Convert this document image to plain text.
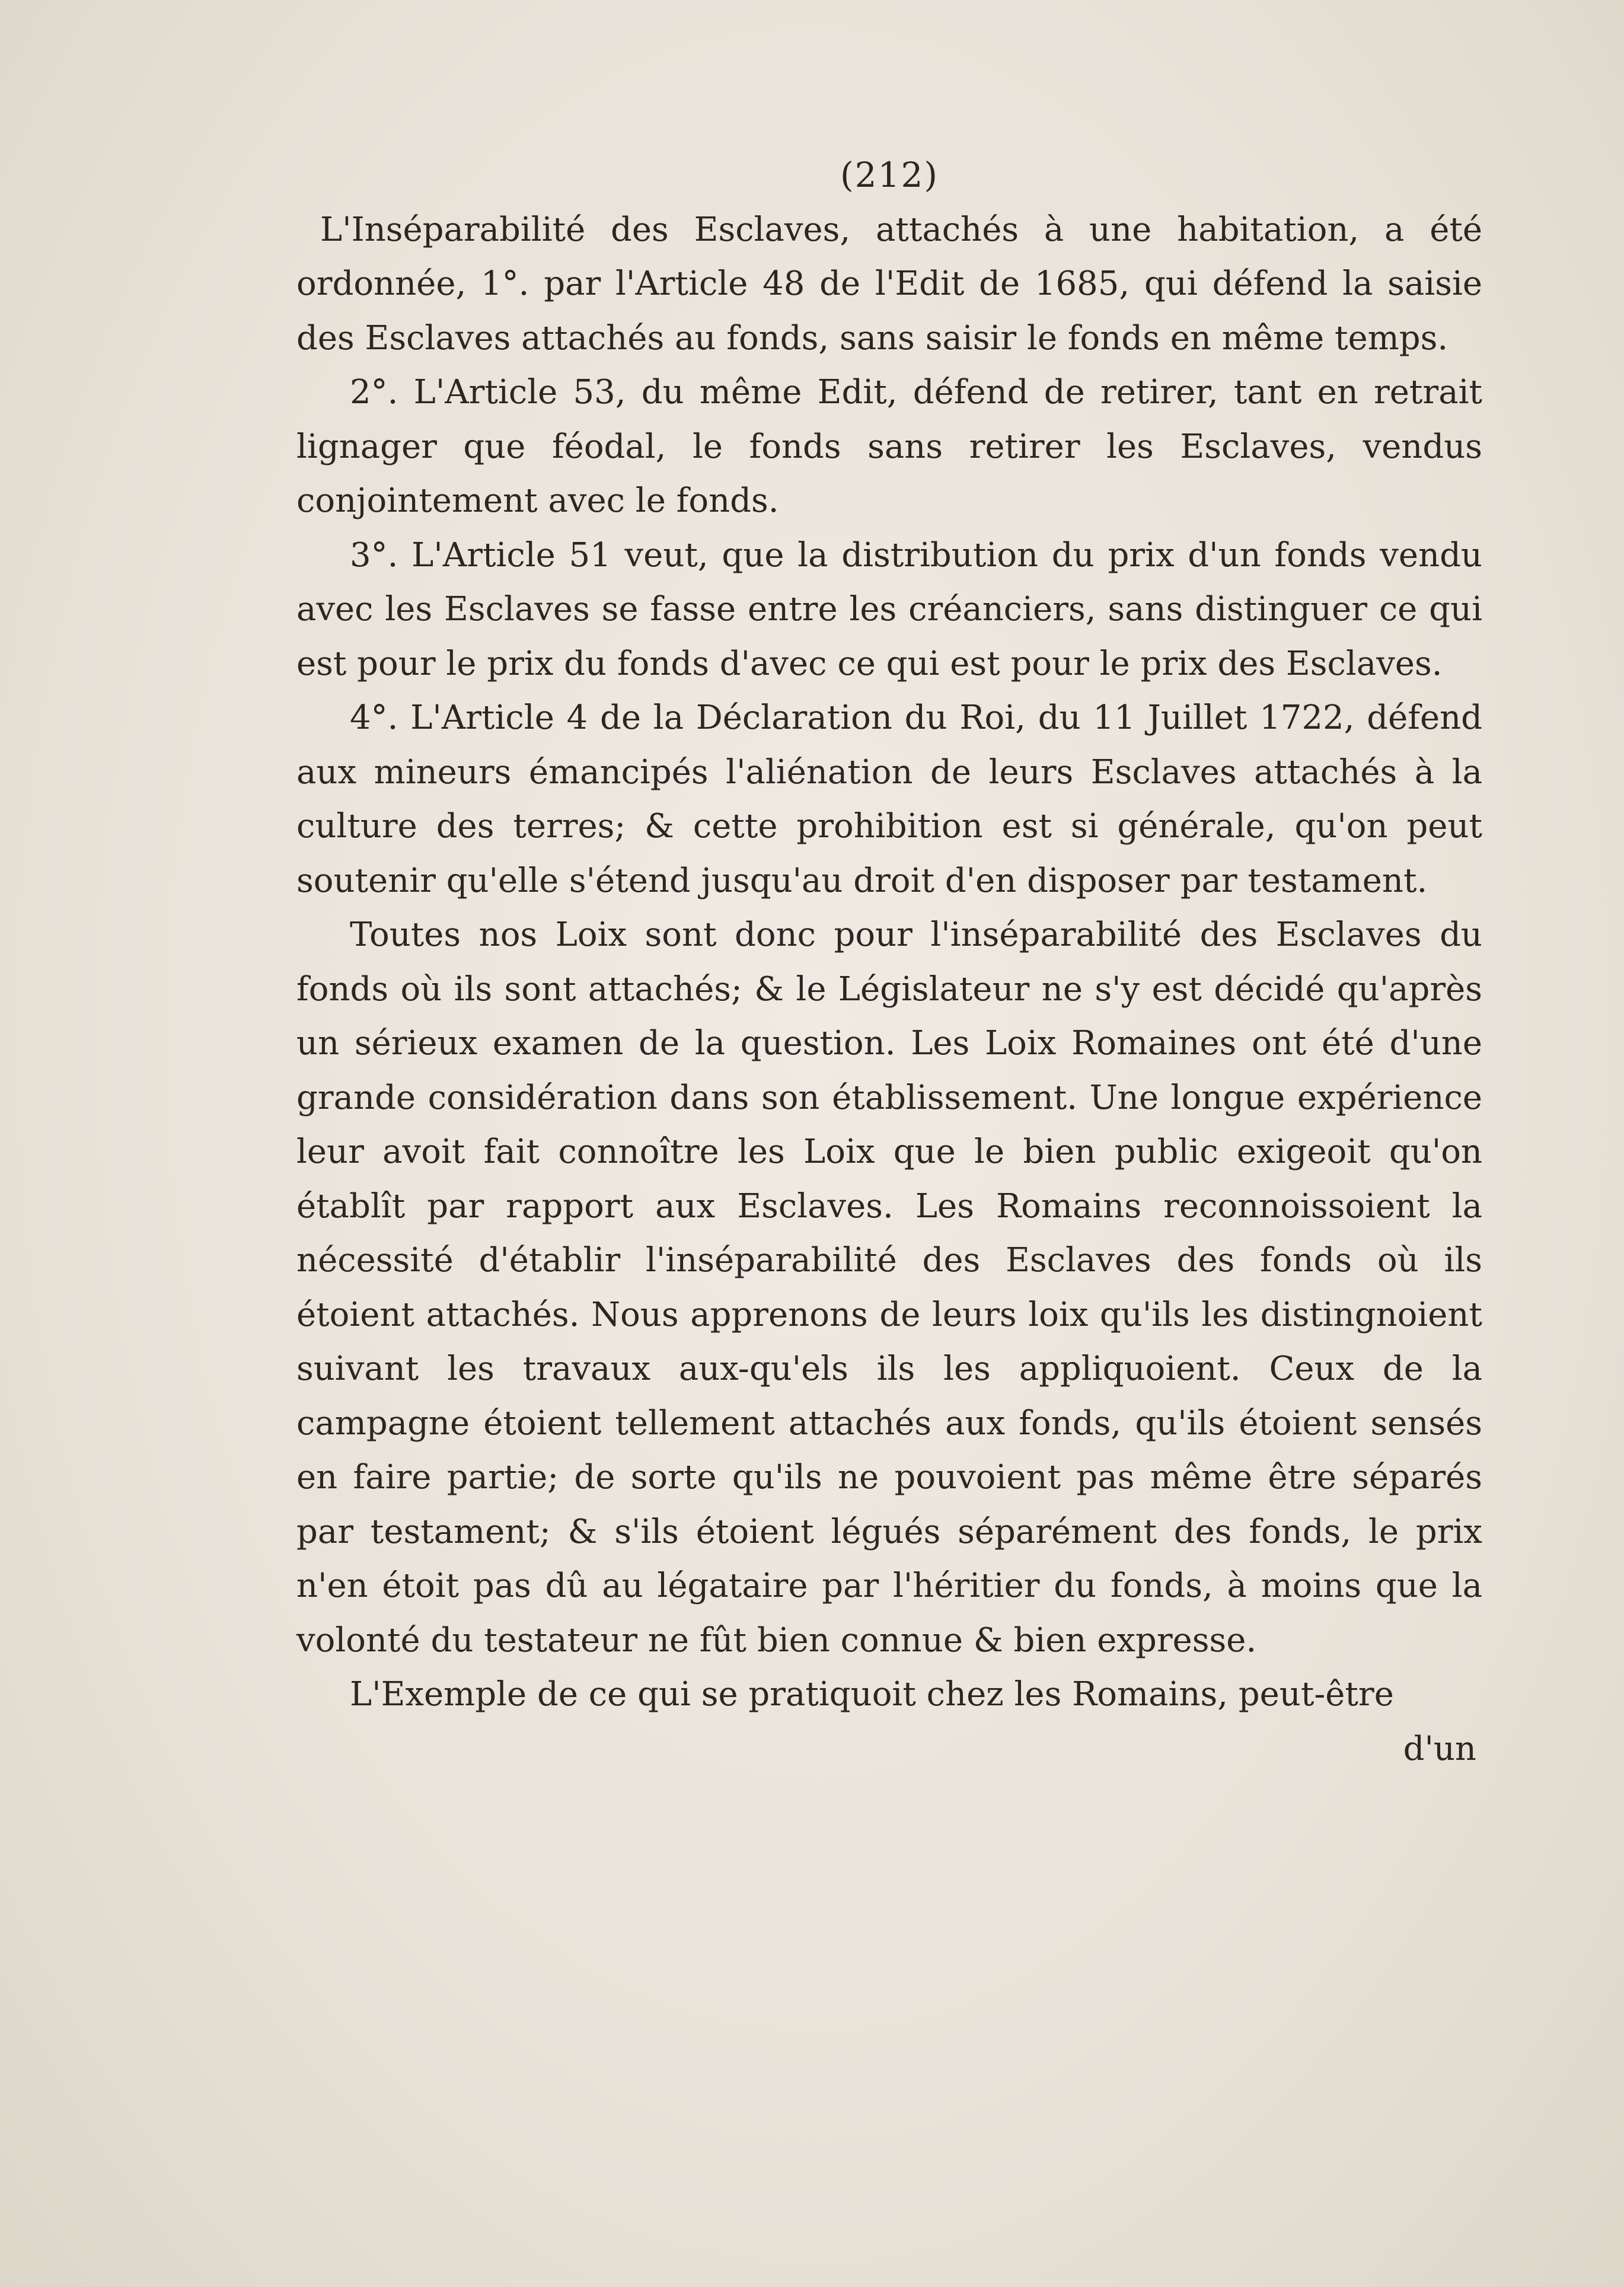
(212)

L'Inséparabilité des Esclaves, attachés à une habitation, a été ordonnée, 1°. par l'Article 48 de l'Edit de 1685, qui défend la saisie des Esclaves attachés au fonds, sans saisir le fonds en même temps.

2°. L'Article 53, du même Edit, défend de retirer, tant en retrait lignager que féodal, le fonds sans retirer les Esclaves, vendus conjointement avec le fonds.

3°. L'Article 51 veut, que la distribution du prix d'un fonds vendu avec les Esclaves se fasse entre les créanciers, sans distinguer ce qui est pour le prix du fonds d'avec ce qui est pour le prix des Esclaves.

4°. L'Article 4 de la Déclaration du Roi, du 11 Juillet 1722, défend aux mineurs émancipés l'aliénation de leurs Esclaves attachés à la culture des terres; & cette prohibition est si générale, qu'on peut soutenir qu'elle s'étend jusqu'au droit d'en disposer par testament.

Toutes nos Loix sont donc pour l'inséparabilité des Esclaves du fonds où ils sont attachés; & le Législateur ne s'y est décidé qu'après un sérieux examen de la question. Les Loix Romaines ont été d'une grande considération dans son établissement. Une longue expérience leur avoit fait connoître les Loix que le bien public exigeoit qu'on établît par rapport aux Esclaves. Les Romains reconnoissoient la nécessité d'établir l'inséparabilité des Esclaves des fonds où ils étoient attachés. Nous apprenons de leurs loix qu'ils les distingnoient suivant les travaux aux-qu'els ils les appliquoient. Ceux de la campagne étoient tellement attachés aux fonds, qu'ils étoient sensés en faire partie; de sorte qu'ils ne pouvoient pas même être séparés par testament; & s'ils étoient légués séparément des fonds, le prix n'en étoit pas dû au légataire par l'héritier du fonds, à moins que la volonté du testateur ne fût bien connue & bien expresse.

L'Exemple de ce qui se pratiquoit chez les Romains, peut-être

d'un
